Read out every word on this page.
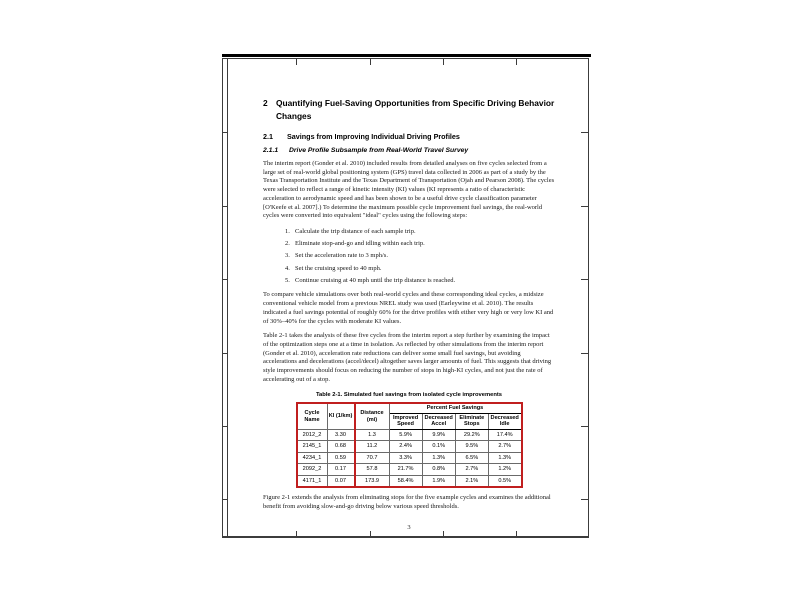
2 Quantifying Fuel-Saving Opportunities from Specific Driving Behavior Changes
2.1	Savings from Improving Individual Driving Profiles
2.1.1	Drive Profile Subsample from Real-World Travel Survey

The interim report (Gonder et al. 2010) included results from detailed analyses on five cycles selected from a large set of real-world global positioning system (GPS) travel data collected in 2006 as part of a study by the Texas Transportation Institute and the Texas Department of Transportation (Ojah and Pearson 2008). The cycles were selected to reflect a range of kinetic intensity (KI) values (KI represents a ratio of characteristic acceleration to aerodynamic speed and has been shown to be a useful drive cycle classification parameter [O'Keefe et al. 2007].) To determine the maximum possible cycle improvement fuel savings, the real-world cycles were converted into equivalent "ideal" cycles using the following steps:

Calculate the trip distance of each sample trip.
Eliminate stop-and-go and idling within each trip.
Set the acceleration rate to 3 mph/s.
Set the cruising speed to 40 mph.
Continue cruising at 40 mph until the trip distance is reached.

To compare vehicle simulations over both real-world cycles and these corresponding ideal cycles, a midsize conventional vehicle model from a previous NREL study was used (Earleywine et al. 2010). The results indicated a fuel savings potential of roughly 60% for the drive profiles with either very high or very low KI and of 30%–40% for the cycles with moderate KI values.

Table 2-1 takes the analysis of these five cycles from the interim report a step further by examining the impact of the optimization steps one at a time in isolation. As reflected by other simulations from the interim report (Gonder et al. 2010), acceleration rate reductions can deliver some small fuel savings, but avoiding accelerations and decelerations (accel/decel) altogether saves larger amounts of fuel. This suggests that driving style improvements should focus on reducing the number of stops in high-KI cycles, and not just the rate of accelerating out of a stop.

Table 2-1. Simulated fuel savings from isolated cycle improvements
Cycle Name	KI (1/km)	Distance (mi)	Percent Fuel Savings			
			Improved Speed	Decreased Accel	Eliminate Stops	Decreased Idle
2012_2	3.30	1.3	5.9%	9.9%	29.2%	17.4%
2145_1	0.68	11.2	2.4%	0.1%	9.5%	2.7%
4234_1	0.59	70.7	3.3%	1.3%	6.5%	1.3%
2092_2	0.17	57.8	21.7%	0.8%	2.7%	1.2%
4171_1	0.07	173.9	58.4%	1.9%	2.1%	0.5%

Figure 2-1 extends the analysis from eliminating stops for the five example cycles and examines the additional benefit from avoiding slow-and-go driving below various speed thresholds.

3
